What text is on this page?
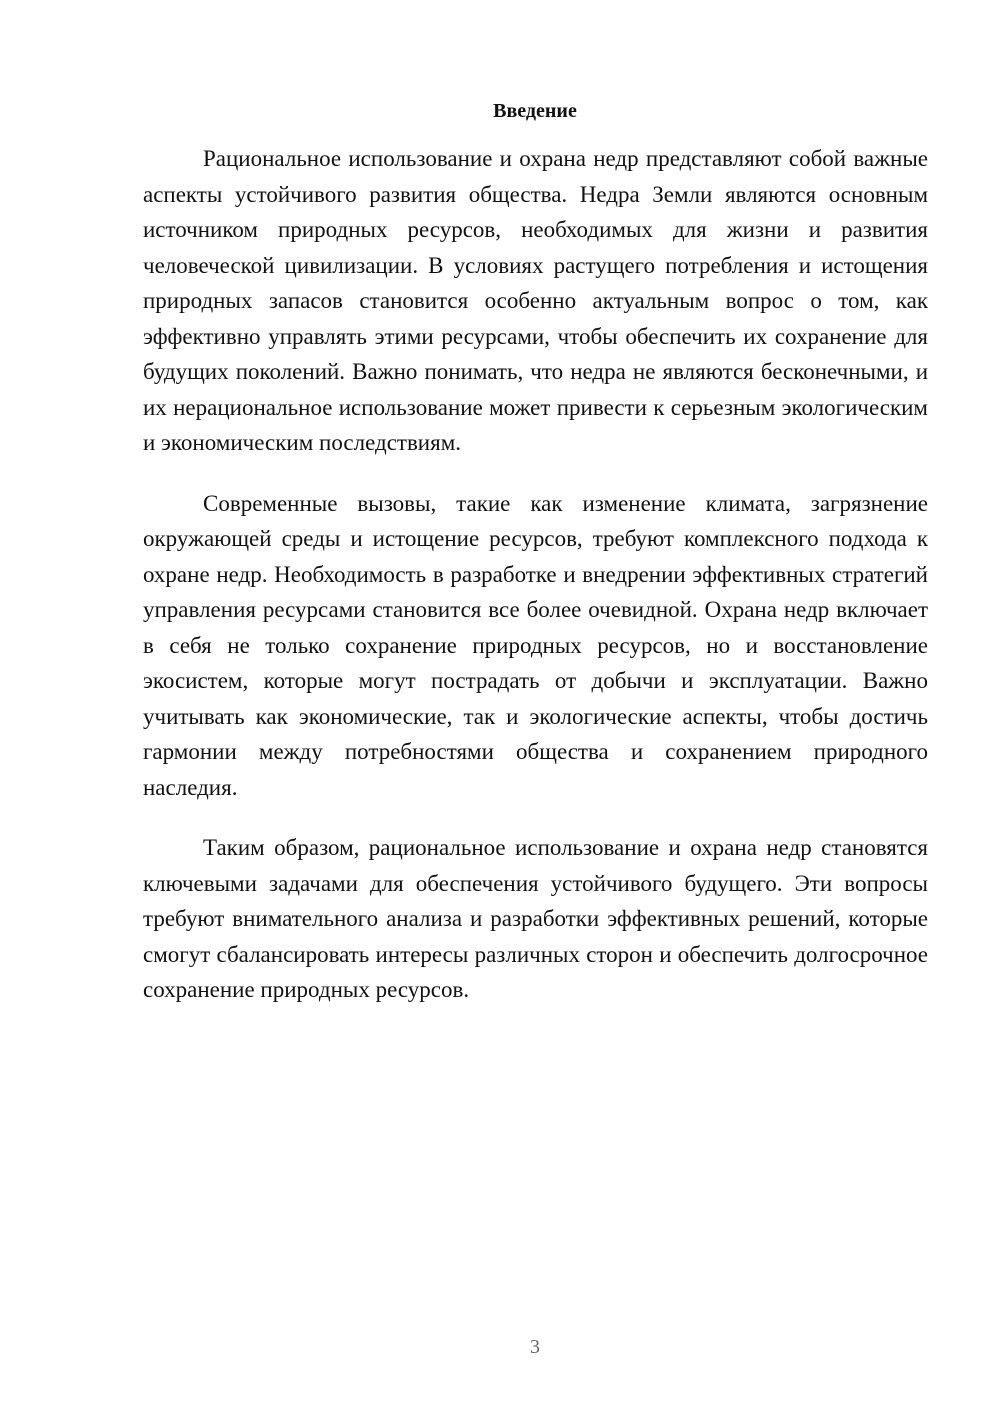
Введение

Рациональное использование и охрана недр представляют собой важные аспекты устойчивого развития общества. Недра Земли являются основным источником природных ресурсов, необходимых для жизни и развития человеческой цивилизации. В условиях растущего потребления и истощения природных запасов становится особенно актуальным вопрос о том, как эффективно управлять этими ресурсами, чтобы обеспечить их сохранение для будущих поколений. Важно понимать, что недра не являются бесконечными, и их нерациональное использование может привести к серьезным экологическим и экономическим последствиям.

Современные вызовы, такие как изменение климата, загрязнение окружающей среды и истощение ресурсов, требуют комплексного подхода к охране недр. Необходимость в разработке и внедрении эффективных стратегий управления ресурсами становится все более очевидной. Охрана недр включает в себя не только сохранение природных ресурсов, но и восстановление экосистем, которые могут пострадать от добычи и эксплуатации. Важно учитывать как экономические, так и экологические аспекты, чтобы достичь гармонии между потребностями общества и сохранением природного наследия.

Таким образом, рациональное использование и охрана недр становятся ключевыми задачами для обеспечения устойчивого будущего. Эти вопросы требуют внимательного анализа и разработки эффективных решений, которые смогут сбалансировать интересы различных сторон и обеспечить долгосрочное сохранение природных ресурсов.

3
